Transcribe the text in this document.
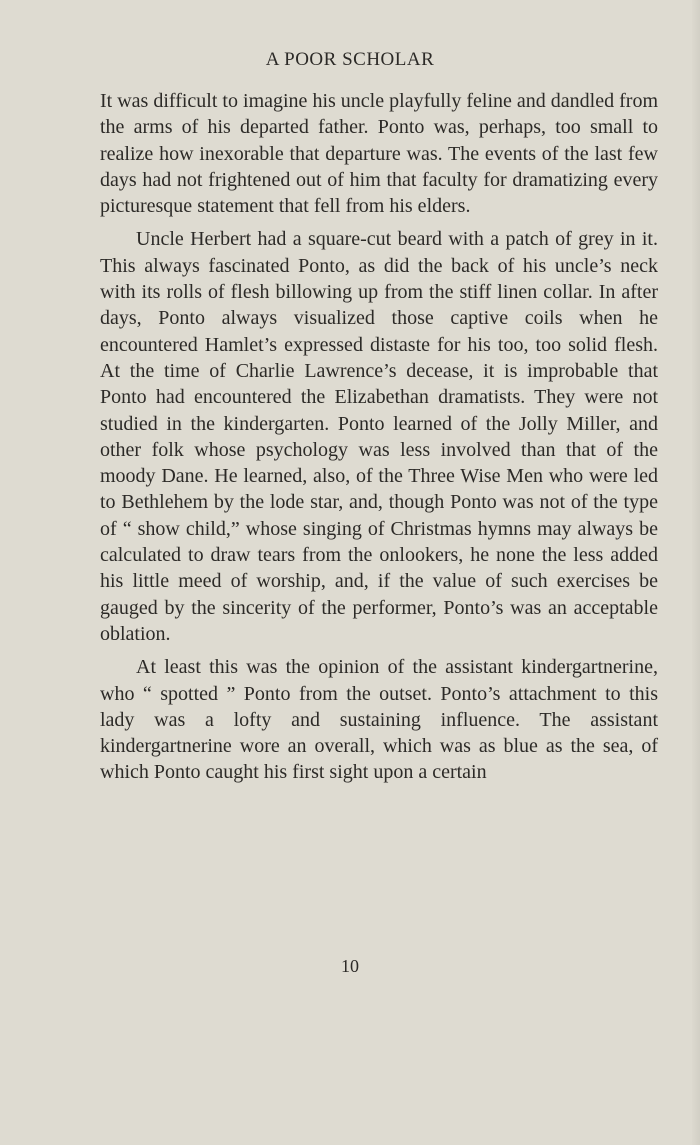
A POOR SCHOLAR

It was difficult to imagine his uncle playfully feline and dandled from the arms of his departed father. Ponto was, perhaps, too small to realize how inexorable that departure was. The events of the last few days had not frightened out of him that faculty for dramatizing every picturesque statement that fell from his elders.

Uncle Herbert had a square-cut beard with a patch of grey in it. This always fascinated Ponto, as did the back of his uncle’s neck with its rolls of flesh billowing up from the stiff linen collar. In after days, Ponto always visualized those captive coils when he encountered Hamlet’s expressed distaste for his too, too solid flesh. At the time of Charlie Lawrence’s decease, it is improbable that Ponto had encountered the Elizabethan dramatists. They were not studied in the kindergarten. Ponto learned of the Jolly Miller, and other folk whose psychology was less involved than that of the moody Dane. He learned, also, of the Three Wise Men who were led to Bethlehem by the lode star, and, though Ponto was not of the type of “ show child,” whose singing of Christmas hymns may always be calculated to draw tears from the onlookers, he none the less added his little meed of worship, and, if the value of such exercises be gauged by the sincerity of the performer, Ponto’s was an acceptable oblation.

At least this was the opinion of the assistant kindergartnerine, who “ spotted ” Ponto from the outset. Ponto’s attachment to this lady was a lofty and sustaining influence. The assistant kindergartnerine wore an overall, which was as blue as the sea, of which Ponto caught his first sight upon a certain

10
